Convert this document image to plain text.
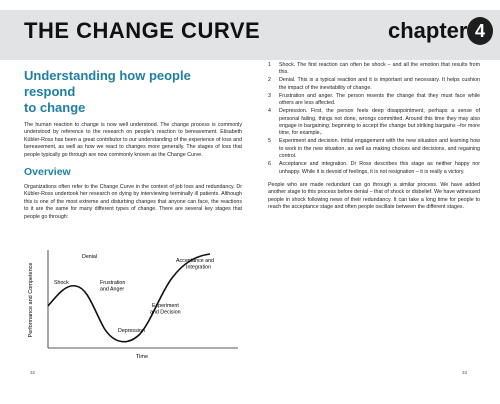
THE CHANGE CURVE	chapter 4
Understanding how people respond
to change

The human reaction to change is now well understood. The change process is commonly understood by reference to the research on people's reaction to bereavement. Elisabeth Kübler-Ross has been a great contributor to our understanding of the experience of loss and bereavement, as well as how we react to changes more generally. The stages of loss that people typically go through are now commonly known as the Change Curve.

Overview

Organizations often refer to the Change Curve in the context of job loss and redundancy. Dr Kübler-Ross undertook her research on dying by interviewing terminally ill patients. Although this is one of the most extreme and disturbing changes that anyone can face, the reactions to it are the same for many different types of change. There are several key stages that people go through:

Performance and Competence
Time
Denial
Shock	Frustration and Anger
Depression
Experiment and Decision
Acceptance and Integration
1 Shock. The first reaction can often be shock – and all the emotion that results from this.
2 Denial. This is a typical reaction and it is important and necessary. It helps cushion the impact of the inevitability of change.
3 Frustration and anger. The person resents the change that they must face while others are less affected.
4 Depression. First, the person feels deep disappointment, perhaps a sense of personal failing, things not done, wrongs committed. Around this time they may also engage in bargaining: beginning to accept the change but striking bargains –for more time, for example,.
5 Experiment and decision. Initial engagement with the new situation and learning how to work in the new situation, as well as making choices and decisions, and regaining control.
6 Acceptance and integration. Dr Ross describes this stage as neither happy nor unhappy. While it is devoid of feelings, it is not resignation – it is really a victory.

People who are made redundant can go through a similar process. We have added another stage to this process before denial – that of shock or disbelief. We have witnessed people in shock following news of their redundancy. It can take a long time for people to reach the acceptance stage and often people oscillate between the different stages.

32	33
